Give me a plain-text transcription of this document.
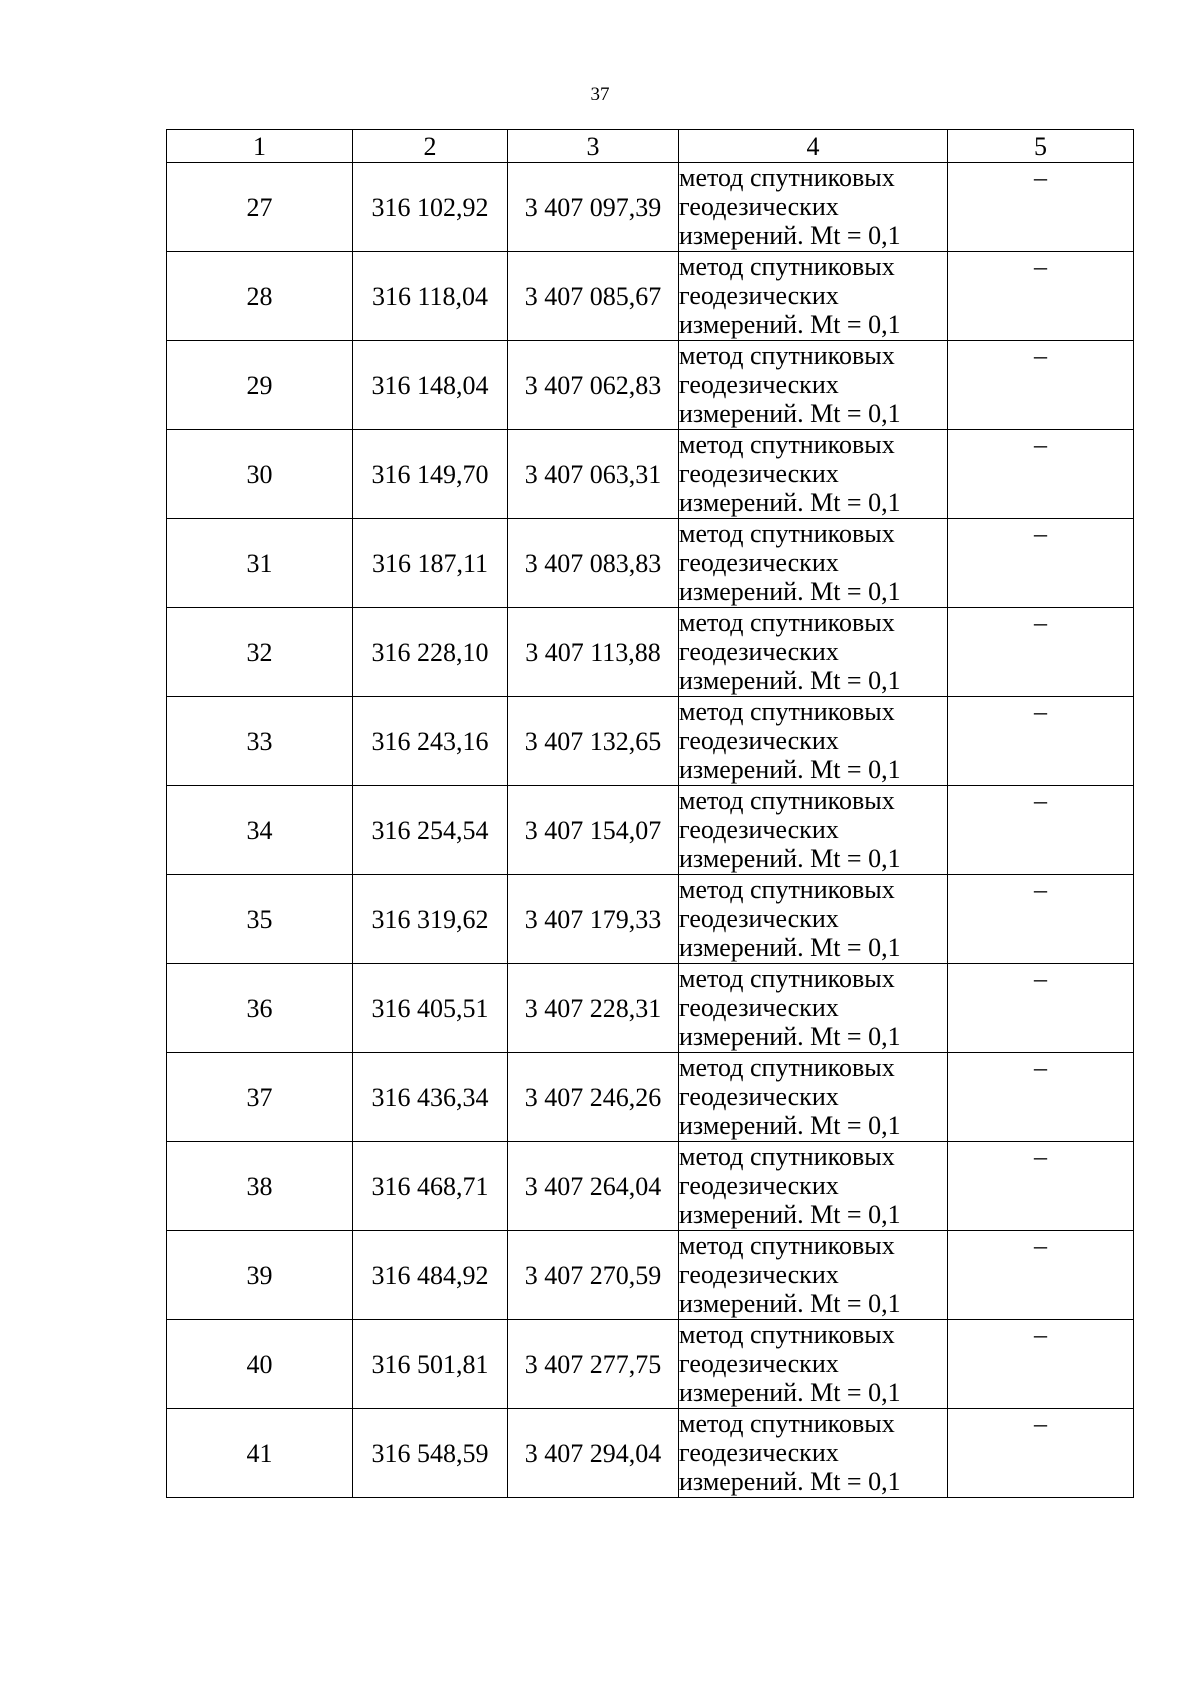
37
1	2	3	4	5
27	316 102,92	3 407 097,39	метод спутниковых
геодезических
измерений. Mt = 0,1	–
28	316 118,04	3 407 085,67	метод спутниковых
геодезических
измерений. Mt = 0,1	–
29	316 148,04	3 407 062,83	метод спутниковых
геодезических
измерений. Mt = 0,1	–
30	316 149,70	3 407 063,31	метод спутниковых
геодезических
измерений. Mt = 0,1	–
31	316 187,11	3 407 083,83	метод спутниковых
геодезических
измерений. Mt = 0,1	–
32	316 228,10	3 407 113,88	метод спутниковых
геодезических
измерений. Mt = 0,1	–
33	316 243,16	3 407 132,65	метод спутниковых
геодезических
измерений. Mt = 0,1	–
34	316 254,54	3 407 154,07	метод спутниковых
геодезических
измерений. Mt = 0,1	–
35	316 319,62	3 407 179,33	метод спутниковых
геодезических
измерений. Mt = 0,1	–
36	316 405,51	3 407 228,31	метод спутниковых
геодезических
измерений. Mt = 0,1	–
37	316 436,34	3 407 246,26	метод спутниковых
геодезических
измерений. Mt = 0,1	–
38	316 468,71	3 407 264,04	метод спутниковых
геодезических
измерений. Mt = 0,1	–
39	316 484,92	3 407 270,59	метод спутниковых
геодезических
измерений. Mt = 0,1	–
40	316 501,81	3 407 277,75	метод спутниковых
геодезических
измерений. Mt = 0,1	–
41	316 548,59	3 407 294,04	метод спутниковых
геодезических
измерений. Mt = 0,1	–
